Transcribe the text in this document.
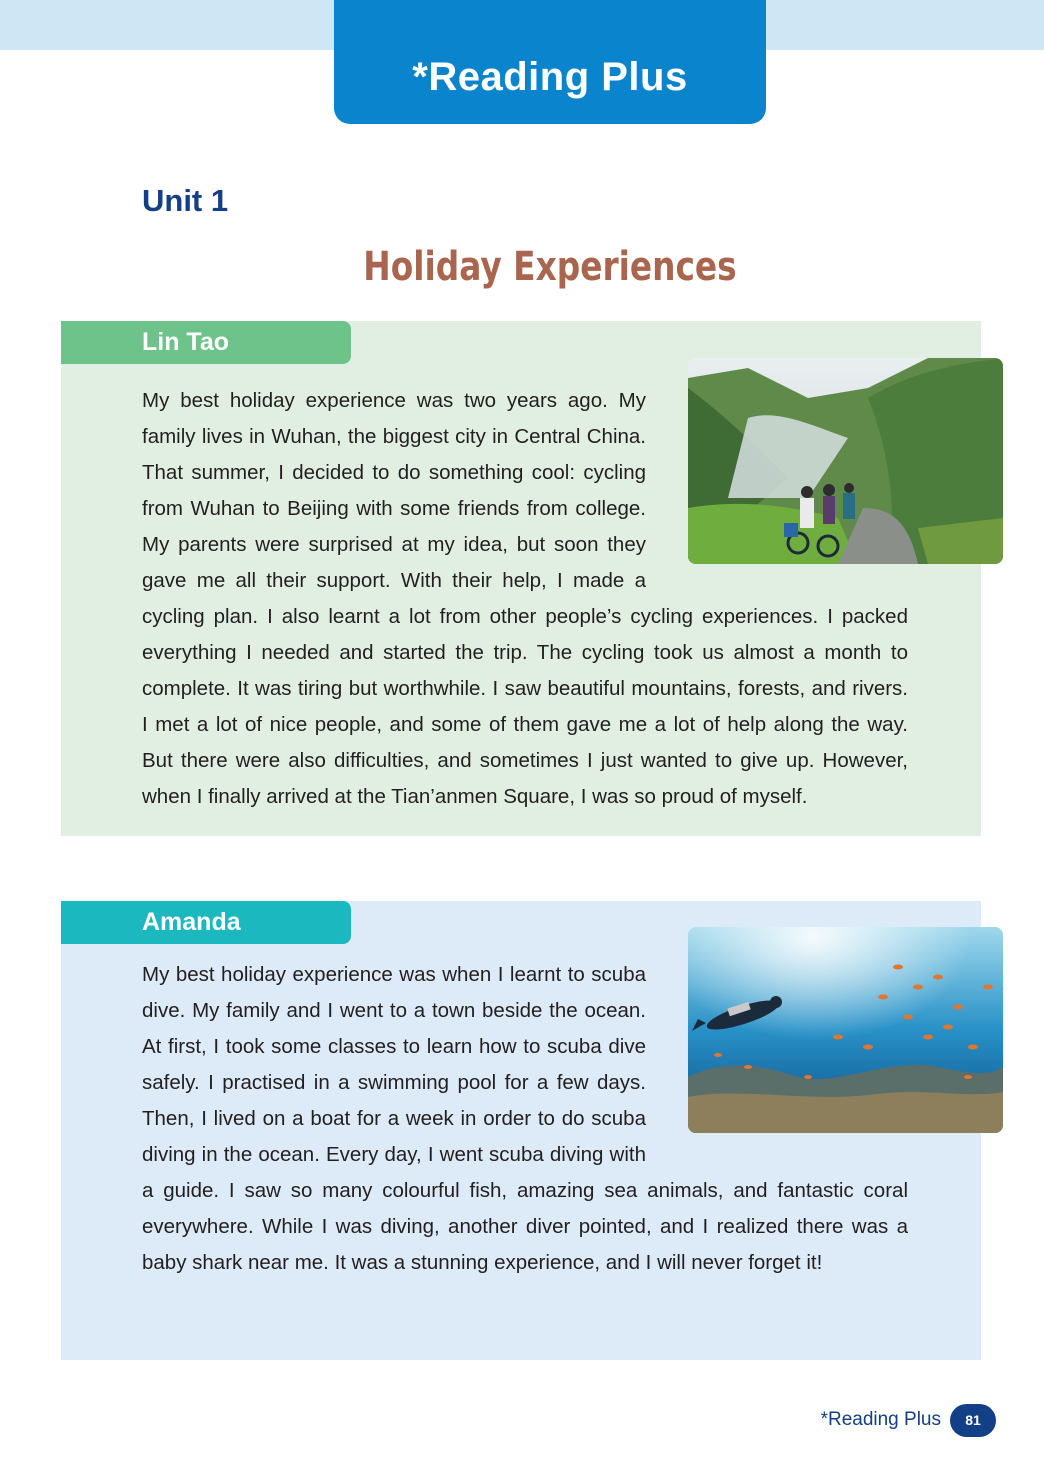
*Reading Plus
Unit 1
Holiday Experiences
Lin Tao

My best holiday experience was two years ago. My family lives in Wuhan, the biggest city in Central China. That summer, I decided to do something cool: cycling from Wuhan to Beijing with some friends from college. My parents were surprised at my idea, but soon they gave me all their support. With their help, I made a cycling plan. I also learnt a lot from other people’s cycling experiences. I packed everything I needed and started the trip. The cycling took us almost a month to complete. It was tiring but worthwhile. I saw beautiful mountains, forests, and rivers. I met a lot of nice people, and some of them gave me a lot of help along the way. But there were also difficulties, and sometimes I just wanted to give up. However, when I finally arrived at the Tian’anmen Square, I was so proud of myself.

Amanda

My best holiday experience was when I learnt to scuba dive. My family and I went to a town beside the ocean. At first, I took some classes to learn how to scuba dive safely. I practised in a swimming pool for a few days. Then, I lived on a boat for a week in order to do scuba diving in the ocean. Every day, I went scuba diving with a guide. I saw so many colourful fish, amazing sea animals, and fantastic coral everywhere. While I was diving, another diver pointed, and I realized there was a baby shark near me. It was a stunning experience, and I will never forget it!

*Reading Plus	81
